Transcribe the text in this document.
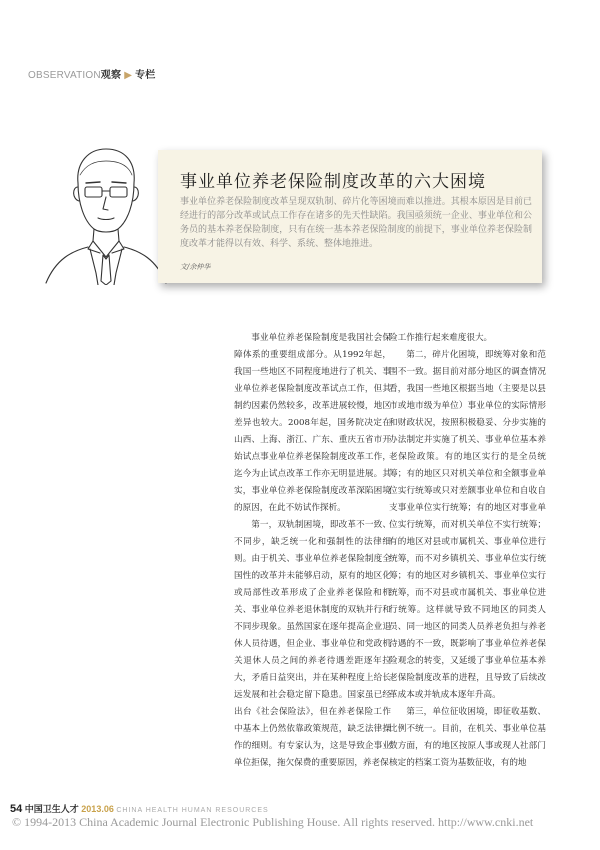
OBSERVATION观察 ▶ 专栏
事业单位养老保险制度改革的六大困境
事业单位养老保险制度改革呈现双轨制、碎片化等困境而难以推进。其根本原因是目前已经进行的部分改革或试点工作存在诸多的先天性缺陷。我国亟须统一企业、事业单位和公务员的基本养老保险制度，只有在统一基本养老保险制度的前提下，事业单位养老保险制度改革才能得以有效、科学、系统、整体地推进。
文/余仲华

事业单位养老保险制度是我国社会保障体系的重要组成部分。从1992年起，我国一些地区不同程度地进行了机关、事业单位养老保险制度改革试点工作，但其制约因素仍然较多，改革进展较慢，地区差异也较大。2008年起，国务院决定在山西、上海、浙江、广东、重庆五省市开始试点事业单位养老保险制度改革工作，迄今为止试点改革工作亦无明显进展。其实，事业单位养老保险制度改革深陷困境的原因，在此不妨试作探析。

第一，双轨制困境，即改革不一致、不同步，缺乏统一化和强制性的法律细则。由于机关、事业单位养老保险制度全国性的改革并未能够启动，原有的地区化或局部性改革形成了企业养老保险和机关、事业单位养老退休制度的双轨并行和不同步现象。虽然国家在逐年提高企业退休人员待遇，但企业、事业单位和党政机关退休人员之间的养老待遇差距逐年拉大，矛盾日益突出，并在某种程度上给长远发展和社会稳定留下隐患。国家虽已经出台《社会保险法》，但在养老保险工作中基本上仍然依靠政策规范，缺乏法律操作的细则。有专家认为，这是导致企事业单位拒保，拖欠保费的重要原因，养老保

险工作推行起来难度很大。

第二，碎片化困境，即统筹对象和范围不一致。据目前对部分地区的调查情况看，我国一些地区根据当地（主要是以县市或地市级为单位）事业单位的实际情形和财政状况，按照积极稳妥、分步实施的办法制定并实施了机关、事业单位基本养老保险政策。有的地区实行的是全员统筹；有的地区只对机关单位和全额事业单位实行统筹或只对差额事业单位和自收自支事业单位实行统筹；有的地区对事业单位实行统筹，而对机关单位不实行统筹；有的地区对县或市属机关、事业单位进行统筹，而不对乡镇机关、事业单位实行统筹；有的地区对乡镇机关、事业单位实行统筹，而不对县或市属机关、事业单位进行统筹。这样就导致不同地区的同类人员、同一地区的同类人员养老负担与养老待遇的不一致，既影响了事业单位养老保险观念的转变，又延缓了事业单位基本养老保险制度改革的进程，且导致了后续改革成本或并轨成本逐年升高。

第三，单位征收困境，即征收基数、比例不统一。目前，在机关、事业单位基数方面，有的地区按原人事或现人社部门核定的档案工资为基数征收，有的地

54 中国卫生人才 2013.06 CHINA HEALTH HUMAN RESOURCES
© 1994-2013 China Academic Journal Electronic Publishing House. All rights reserved. http://www.cnki.net
